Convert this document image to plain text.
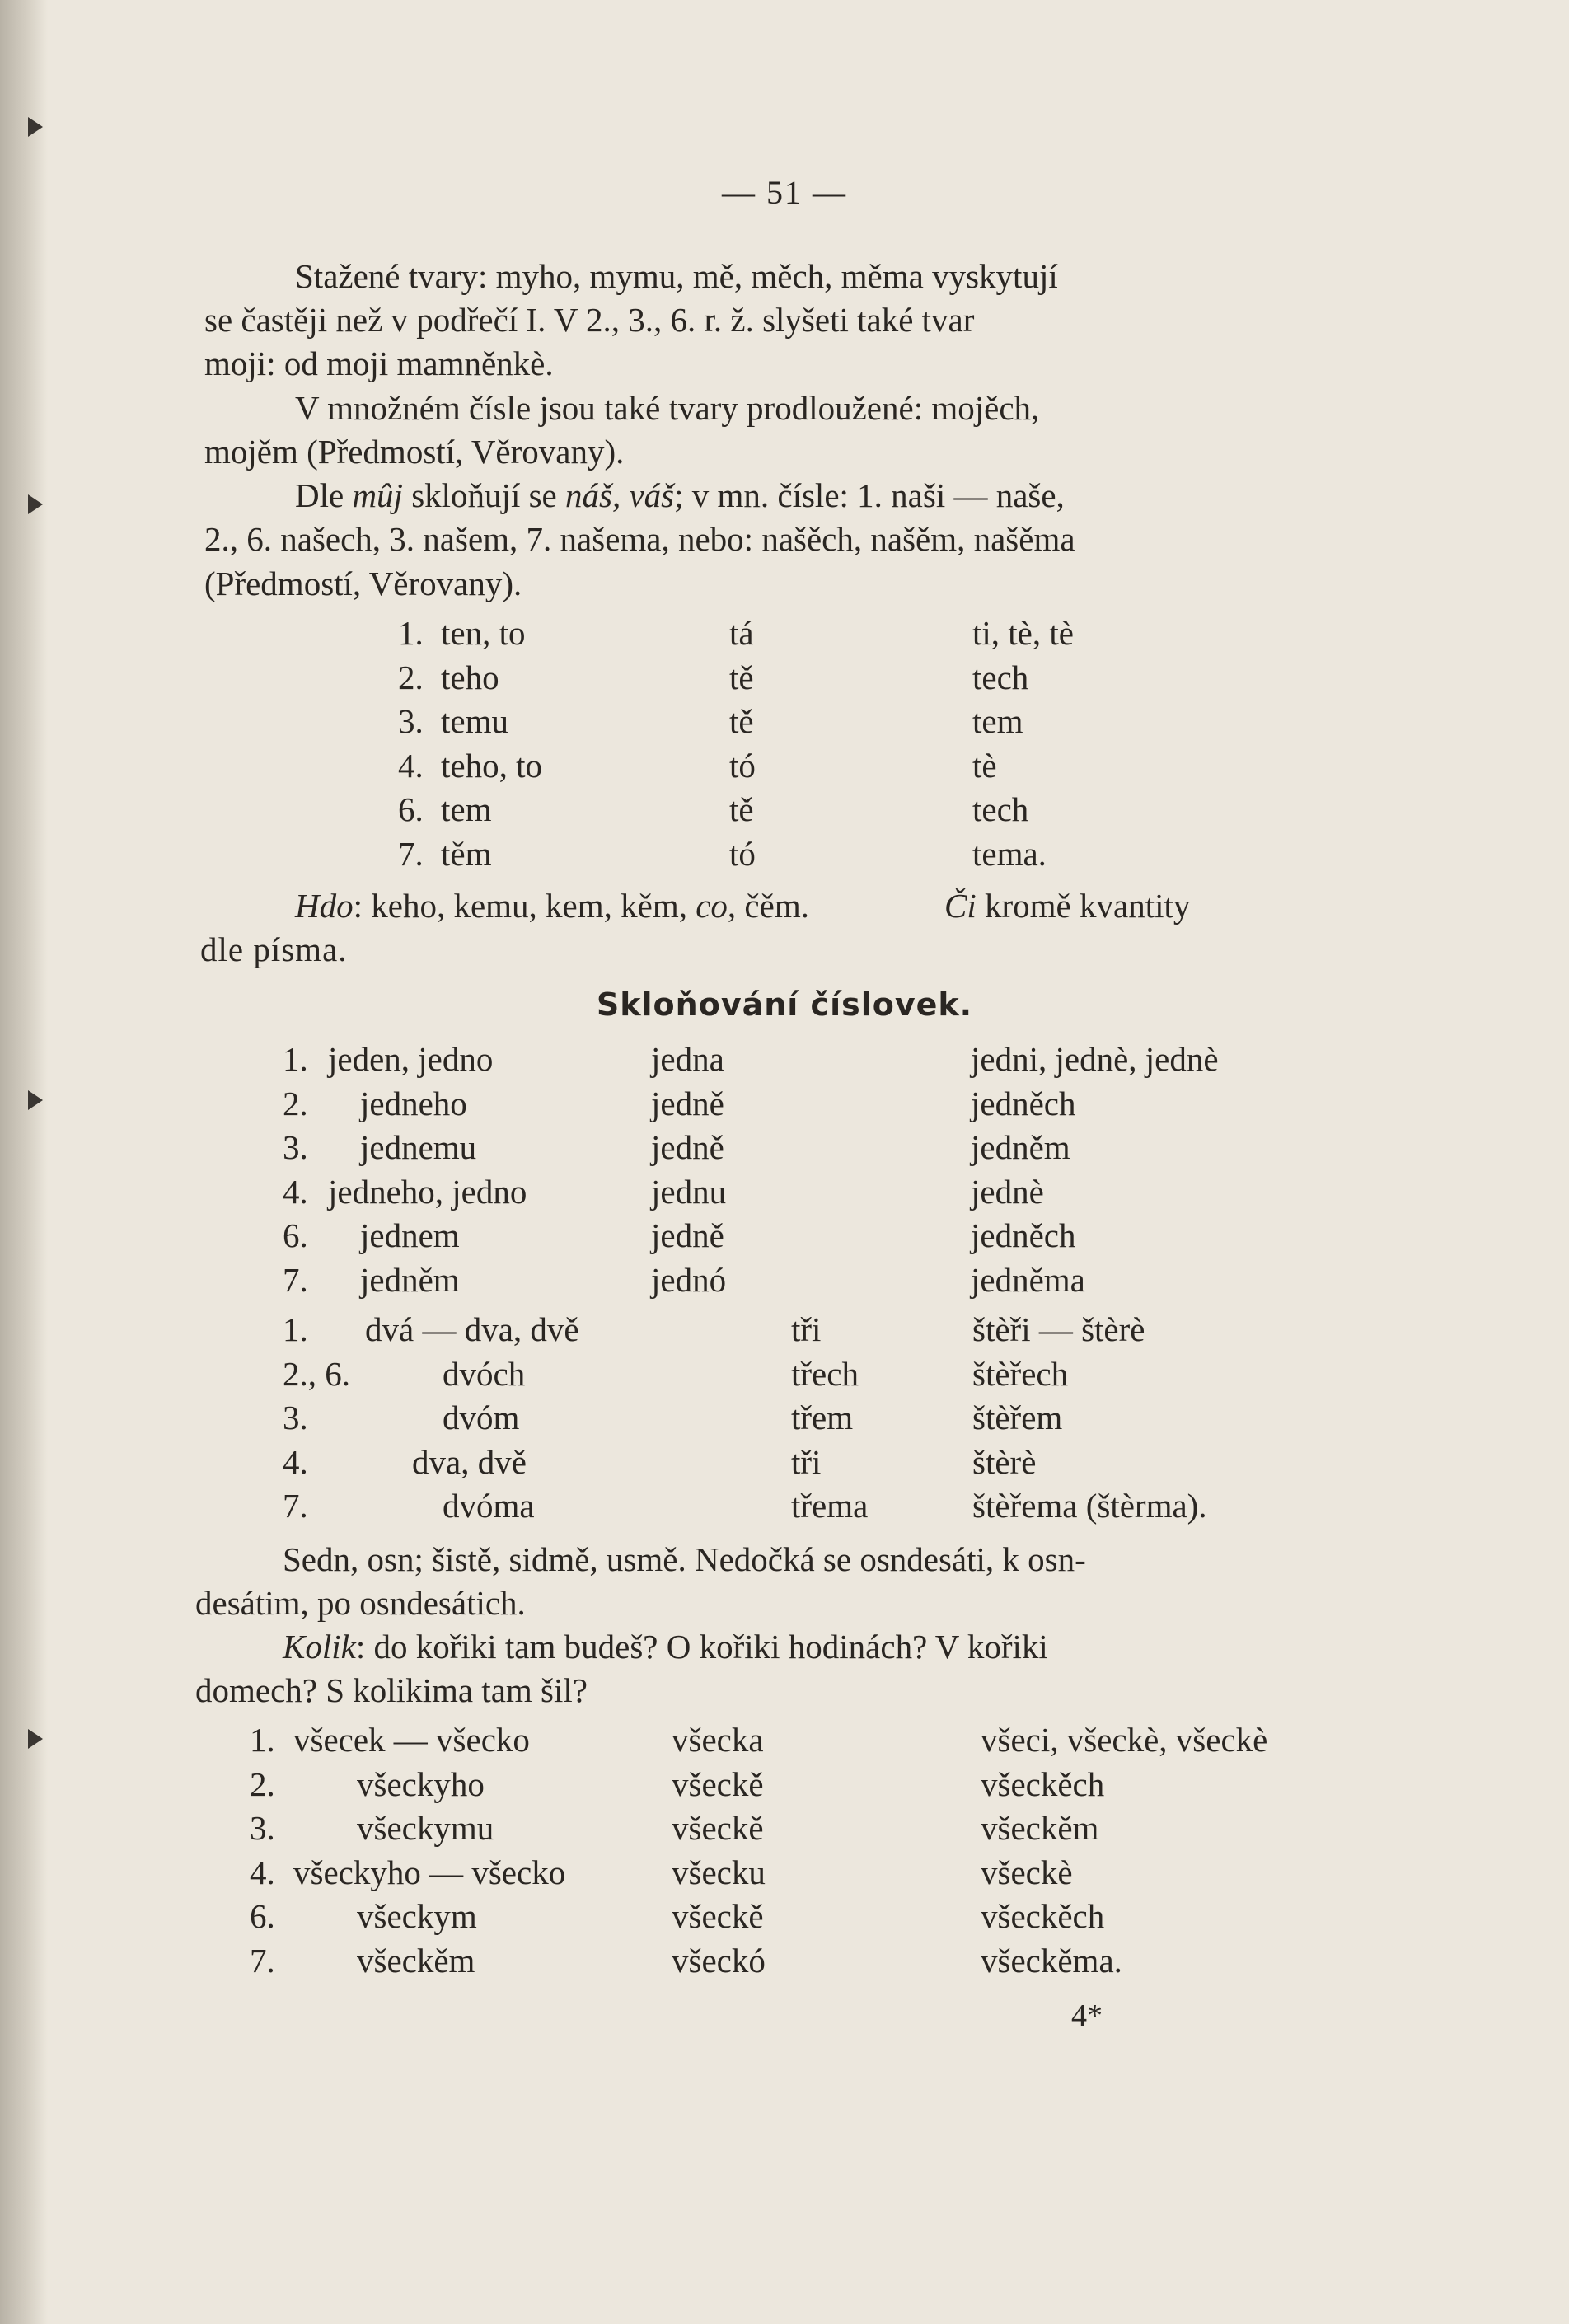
— 51 —
Stažené tvary: myho, mymu, mě, měch, měma vyskytují
se častěji než v podřečí I. V 2., 3., 6. r. ž. slyšeti také tvar
moji: od moji mamněnkè.
V množném čísle jsou také tvary prodloužené: mojěch,
mojěm (Předmostí, Věrovany).
Dle mûj skloňují se náš, váš; v mn. čísle: 1. naši — naše,
2., 6. našech, 3. našem, 7. našema, nebo: našěch, našěm, našěma
(Předmostí, Věrovany).
1. ten, to	tá	ti, tè, tè
2. teho	tě	tech
3. temu	tě	tem
4. teho, to	tó	tè
6. tem	tě	tech
7. těm	tó	tema.
Hdo: keho, kemu, kem, kěm, co, čěm.	Či kromě kvantity
dle písma.
Skloňování číslovek.
1. jeden, jedno	jedna	jedni, jednè, jednè
2. jedneho	jedně	jedněch
3. jednemu	jedně	jedněm
4. jedneho, jedno	jednu	jednè
6. jednem	jedně	jedněch
7. jedněm	jednó	jedněma
1. dvá — dva, dvě	tři	štèři — štèrè
2., 6.	dvóch	třech	štèřech
3.	dvóm	třem	štèřem
4.	dva, dvě	tři	štèrè
7.	dvóma	třema	štèřema (štèrma).
Sedn, osn; šistě, sidmě, usmě. Nedočká se osndesáti, k osn-
desátim, po osndesátich.
Kolik: do kořiki tam budeš? O kořiki hodinách? V kořiki
domech? S kolikima tam šil?
1. všecek — všecko	všecka	všeci, všeckè, všeckè
2. všeckyho	všeckě	všeckěch
3. všeckymu	všeckě	všeckěm
4. všeckyho — všecko	všecku	všeckè
6. všeckym	všeckě	všeckěch
7. všeckěm	všeckó	všeckěma.
4*
